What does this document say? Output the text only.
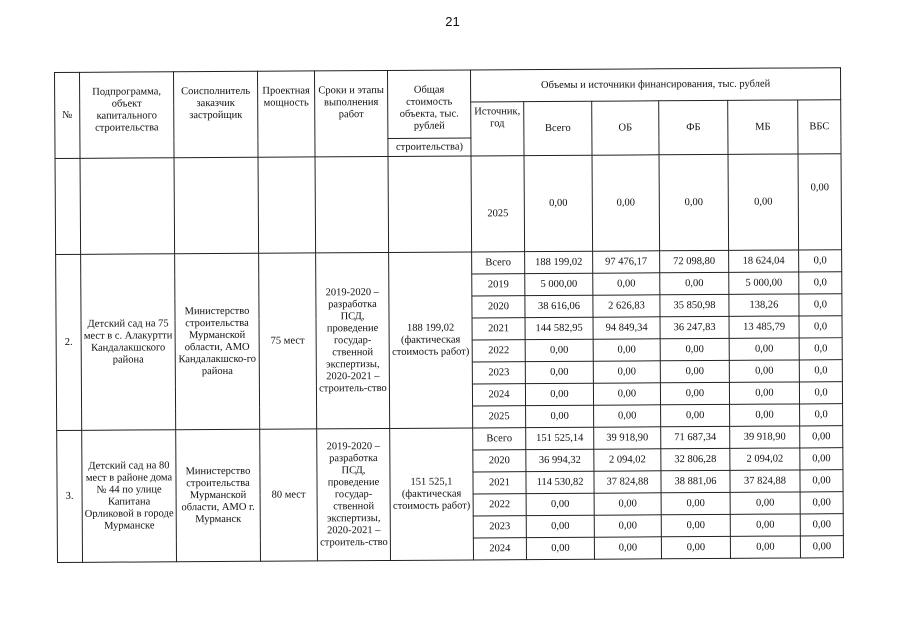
21
№	Подпрограмма, объект капитального строительства	Соисполнитель заказчик застройщик	Проектная мощность	Сроки и этапы выполнения работ	Общая стоимость объекта, тыс. рублей	Объемы и источники финансирования, тыс. рублей					
						Источник, год	Всего	ОБ	ФБ	МБ	ВБС
					строительства)						
						2025	0,00	0,00	0,00	0,00	0,00
2.	Детский сад на 75 мест в с. Алакуртти Кандалакшского района	Министерство строительства Мурманской области, АМО Кандалакшско-го района	75 мест	2019-2020 – разработка ПСД, проведение государ-ственной экспертизы, 2020-2021 – строитель-ство	188 199,02 (фактическая стоимость работ)	Всего	188 199,02	97 476,17	72 098,80	18 624,04	0,0
						2019	5 000,00	0,00	0,00	5 000,00	0,0
						2020	38 616,06	2 626,83	35 850,98	138,26	0,0
						2021	144 582,95	94 849,34	36 247,83	13 485,79	0,0
						2022	0,00	0,00	0,00	0,00	0,0
						2023	0,00	0,00	0,00	0,00	0,0
						2024	0,00	0,00	0,00	0,00	0,0
						2025	0,00	0,00	0,00	0,00	0,0
3.	Детский сад на 80 мест в районе дома № 44 по улице Капитана Орликовой в городе Мурманске	Министерство строительства Мурманской области, АМО г. Мурманск	80 мест	2019-2020 – разработка ПСД, проведение государ-ственной экспертизы, 2020-2021 – строитель-ство	151 525,1 (фактическая стоимость работ)	Всего	151 525,14	39 918,90	71 687,34	39 918,90	0,00
						2020	36 994,32	2 094,02	32 806,28	2 094,02	0,00
						2021	114 530,82	37 824,88	38 881,06	37 824,88	0,00
						2022	0,00	0,00	0,00	0,00	0,00
						2023	0,00	0,00	0,00	0,00	0,00
						2024	0,00	0,00	0,00	0,00	0,00
